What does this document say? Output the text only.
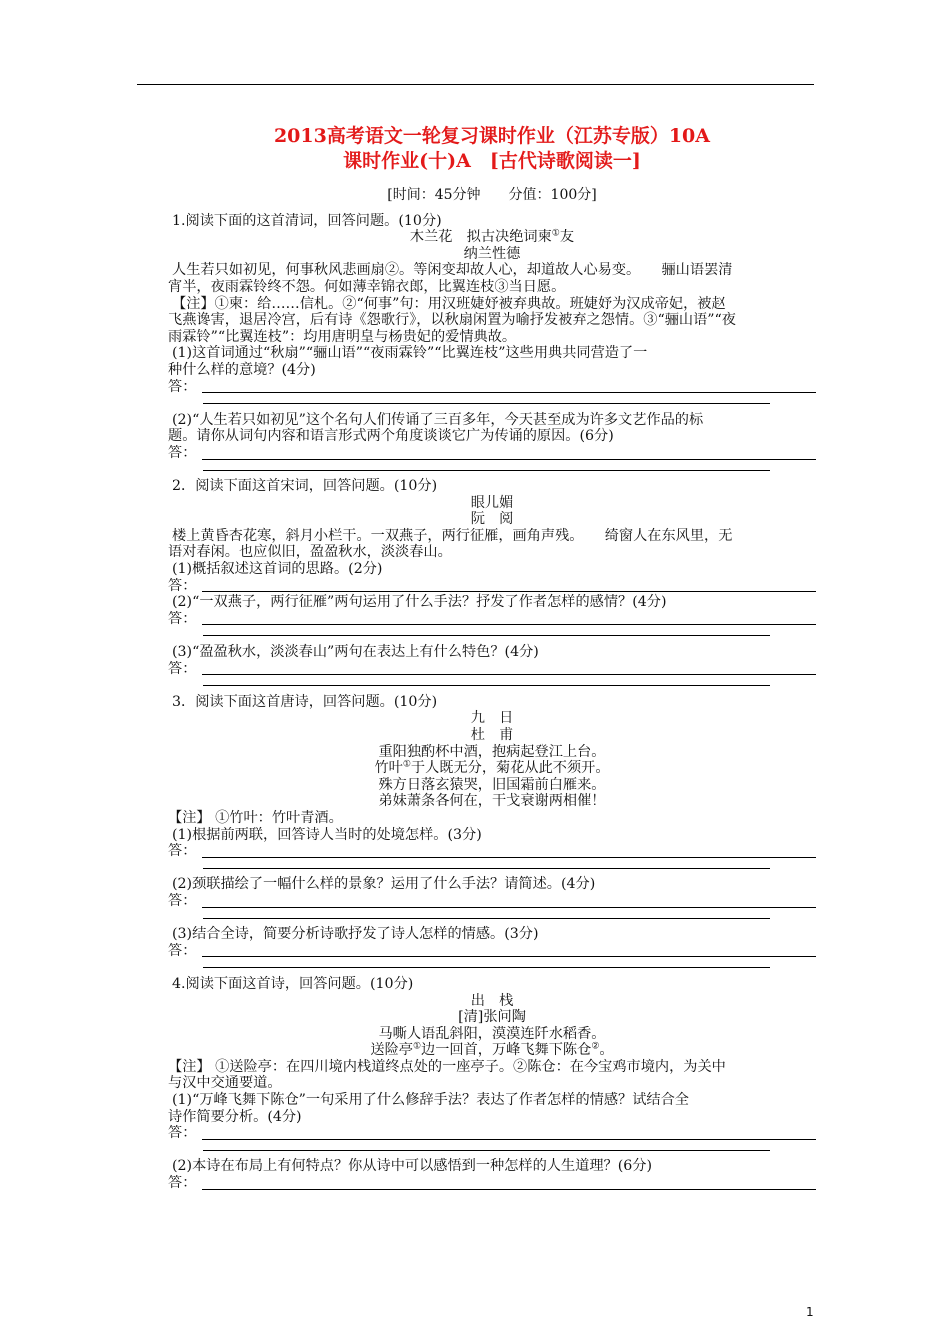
2013高考语文一轮复习课时作业（江苏专版）10A
课时作业(十)A　[古代诗歌阅读一]
[时间：45分钟　　分值：100分]
1.阅读下面的这首清词，回答问题。(10分)
木兰花　拟古决绝词柬①友
纳兰性德
人生若只如初见，何事秋风悲画扇②。等闲变却故人心，却道故人心易变。　　骊山语罢清
宵半，夜雨霖铃终不怨。何如薄幸锦衣郎，比翼连枝③当日愿。
【注】①柬：给……信札。②“何事”句：用汉班婕妤被弃典故。班婕妤为汉成帝妃，被赵
飞燕谗害，退居冷宫，后有诗《怨歌行》，以秋扇闲置为喻抒发被弃之怨情。③“骊山语”“夜
雨霖铃”“比翼连枝”：均用唐明皇与杨贵妃的爱情典故。
(1)这首词通过“秋扇”“骊山语”“夜雨霖铃”“比翼连枝”这些用典共同营造了一
种什么样的意境？(4分)
答：
(2)“人生若只如初见”这个名句人们传诵了三百多年，今天甚至成为许多文艺作品的标
题。请你从词句内容和语言形式两个角度谈谈它广为传诵的原因。(6分)
答：
2．阅读下面这首宋词，回答问题。(10分)
眼儿媚
阮　阅
楼上黄昏杏花寒，斜月小栏干。一双燕子，两行征雁，画角声残。　　绮窗人在东风里，无
语对春闲。也应似旧，盈盈秋水，淡淡春山。
(1)概括叙述这首词的思路。(2分)
答：
(2)“一双燕子，两行征雁”两句运用了什么手法？抒发了作者怎样的感情？(4分)
答：
(3)“盈盈秋水，淡淡春山”两句在表达上有什么特色？(4分)
答：
3．阅读下面这首唐诗，回答问题。(10分)
九　日
杜　甫
重阳独酌杯中酒，抱病起登江上台。
竹叶①于人既无分，菊花从此不须开。
殊方日落玄猿哭，旧国霜前白雁来。
弟妹萧条各何在，干戈衰谢两相催！
【注】 ①竹叶：竹叶青酒。
(1)根据前两联，回答诗人当时的处境怎样。(3分)
答：
(2)颈联描绘了一幅什么样的景象？运用了什么手法？请简述。(4分)
答：
(3)结合全诗，简要分析诗歌抒发了诗人怎样的情感。(3分)
答：
4.阅读下面这首诗，回答问题。(10分)
出　栈
[清]张问陶
马嘶人语乱斜阳，漠漠连阡水稻香。
送险亭①边一回首，万峰飞舞下陈仓②。
【注】 ①送险亭：在四川境内栈道终点处的一座亭子。②陈仓：在今宝鸡市境内，为关中
与汉中交通要道。
(1)“万峰飞舞下陈仓”一句采用了什么修辞手法？表达了作者怎样的情感？试结合全
诗作简要分析。(4分)
答：
(2)本诗在布局上有何特点？你从诗中可以感悟到一种怎样的人生道理？(6分)
答：
1
